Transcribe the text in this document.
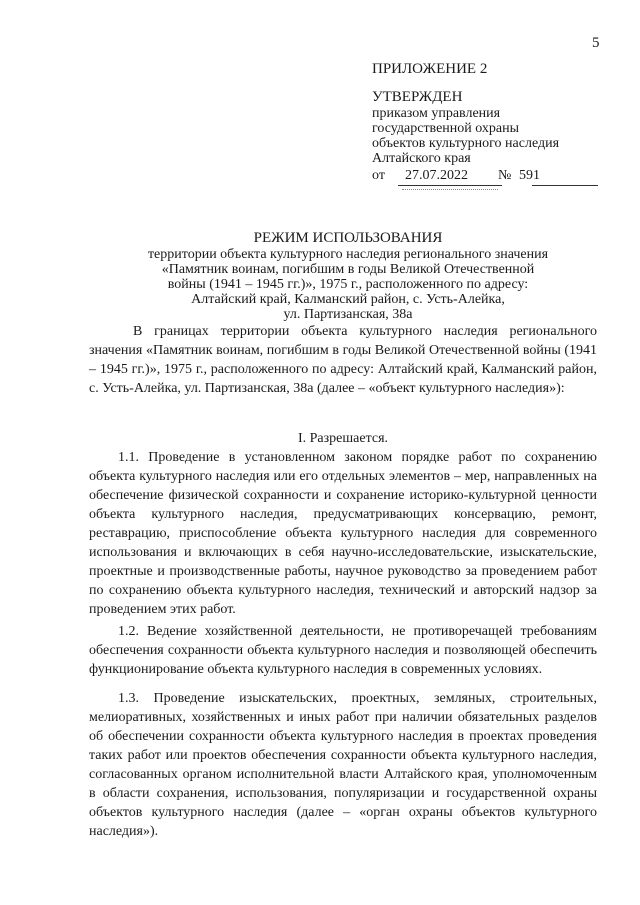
5
ПРИЛОЖЕНИЕ 2
УТВЕРЖДЕН
приказом управления
государственной охраны
объектов культурного наследия
Алтайского края
от 27.07.2022 № 591
РЕЖИМ ИСПОЛЬЗОВАНИЯ
территории объекта культурного наследия регионального значения
«Памятник воинам, погибшим в годы Великой Отечественной
войны (1941 – 1945 гг.)», 1975 г., расположенного по адресу:
Алтайский край, Калманский район, с. Усть-Алейка,
ул. Партизанская, 38а
В границах территории объекта культурного наследия регионального значения «Памятник воинам, погибшим в годы Великой Отечественной войны (1941 – 1945 гг.)», 1975 г., расположенного по адресу: Алтайский край, Калманский район, с. Усть-Алейка, ул. Партизанская, 38а (далее – «объект культурного наследия»):
I. Разрешается.
1.1. Проведение в установленном законом порядке работ по сохранению объекта культурного наследия или его отдельных элементов – мер, направленных на обеспечение физической сохранности и сохранение историко-культурной ценности объекта культурного наследия, предусматривающих консервацию, ремонт, реставрацию, приспособление объекта культурного наследия для современного использования и включающих в себя научно-исследовательские, изыскательские, проектные и производственные работы, научное руководство за проведением работ по сохранению объекта культурного наследия, технический и авторский надзор за проведением этих работ.
1.2. Ведение хозяйственной деятельности, не противоречащей требованиям обеспечения сохранности объекта культурного наследия и позволяющей обеспечить функционирование объекта культурного наследия в современных условиях.
1.3. Проведение изыскательских, проектных, земляных, строительных, мелиоративных, хозяйственных и иных работ при наличии обязательных разделов об обеспечении сохранности объекта культурного наследия в проектах проведения таких работ или проектов обеспечения сохранности объекта культурного наследия, согласованных органом исполнительной власти Алтайского края, уполномоченным в области сохранения, использования, популяризации и государственной охраны объектов культурного наследия (далее – «орган охраны объектов культурного наследия»).
